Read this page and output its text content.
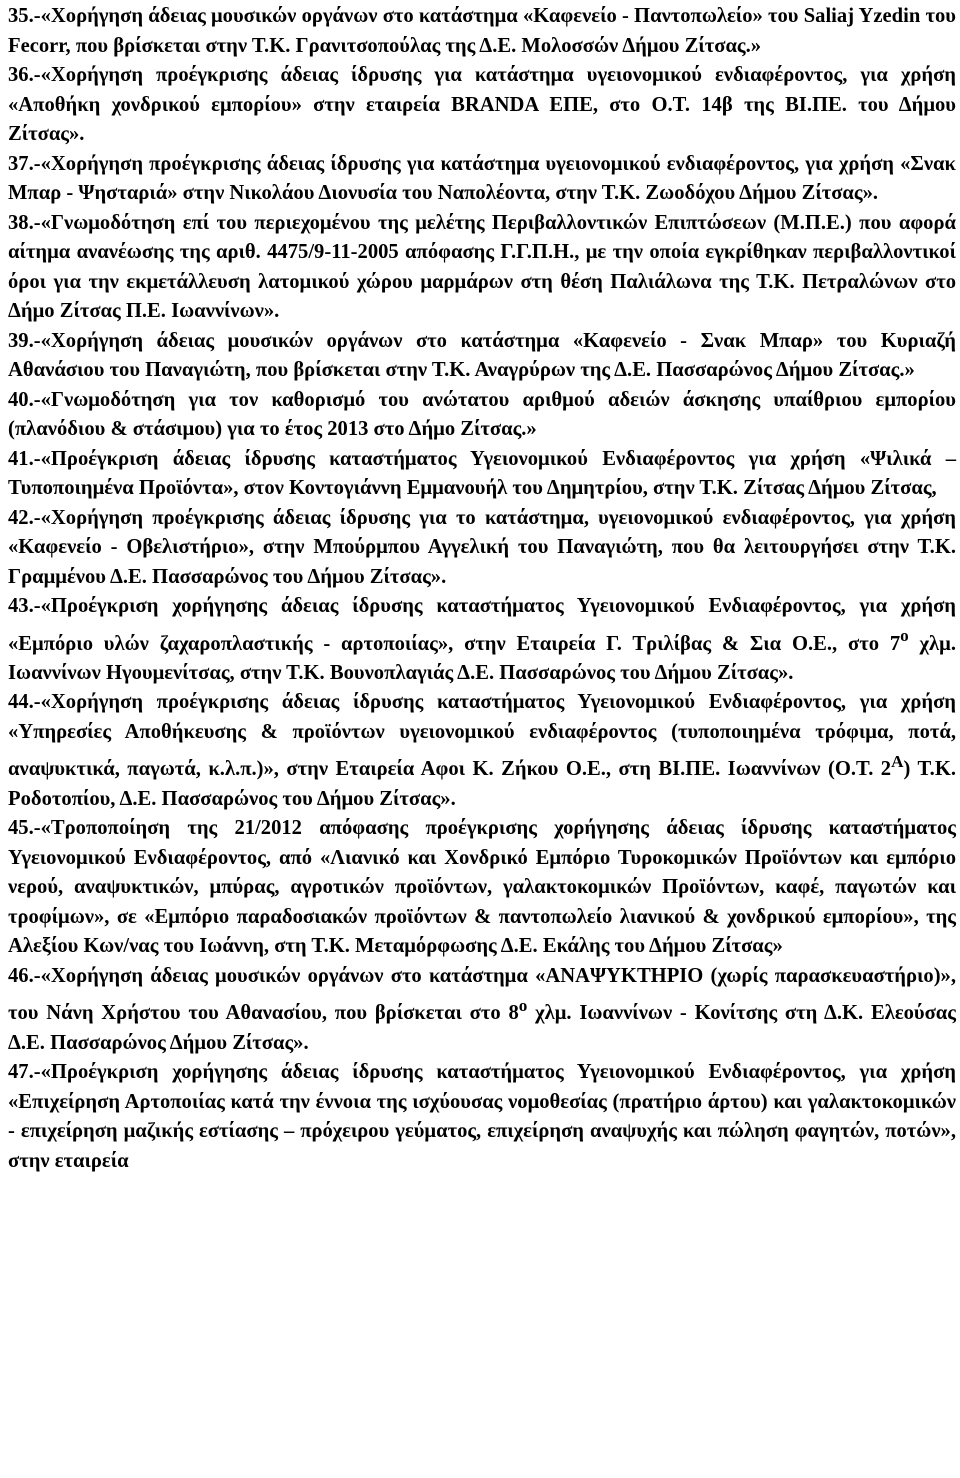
35.-«Χορήγηση άδειας μουσικών οργάνων στο κατάστημα «Καφενείο - Παντοπωλείο» του Saliaj Yzedin του Fecorr, που βρίσκεται στην Τ.Κ. Γρανιτσοπούλας της Δ.Ε. Μολοσσών Δήμου Ζίτσας.»

36.-«Χορήγηση προέγκρισης άδειας ίδρυσης για κατάστημα υγειονομικού ενδιαφέροντος, για χρήση «Αποθήκη χονδρικού εμπορίου» στην εταιρεία BRANDA ΕΠΕ, στο Ο.Τ. 14β της ΒΙ.ΠΕ. του Δήμου Ζίτσας».

37.-«Χορήγηση προέγκρισης άδειας ίδρυσης για κατάστημα υγειονομικού ενδιαφέροντος, για χρήση «Σνακ Μπαρ - Ψησταριά» στην Νικολάου Διονυσία του Ναπολέοντα, στην Τ.Κ. Ζωοδόχου Δήμου Ζίτσας».

38.-«Γνωμοδότηση επί του περιεχομένου της μελέτης Περιβαλλοντικών Επιπτώσεων (Μ.Π.Ε.) που αφορά αίτημα ανανέωσης της αριθ. 4475/9-11-2005 απόφασης Γ.Γ.Π.Η., με την οποία εγκρίθηκαν περιβαλλοντικοί όροι για την εκμετάλλευση λατομικού χώρου μαρμάρων στη θέση Παλιάλωνα της Τ.Κ. Πετραλώνων στο Δήμο Ζίτσας Π.Ε. Ιωαννίνων».

39.-«Χορήγηση άδειας μουσικών οργάνων στο κατάστημα «Καφενείο - Σνακ Μπαρ» του Κυριαζή Αθανάσιου του Παναγιώτη, που βρίσκεται στην Τ.Κ. Αναγρύρων της Δ.Ε. Πασσαρώνος Δήμου Ζίτσας.»

40.-«Γνωμοδότηση για τον καθορισμό του ανώτατου αριθμού αδειών άσκησης υπαίθριου εμπορίου (πλανόδιου & στάσιμου) για το έτος 2013 στο Δήμο Ζίτσας.»

41.-«Προέγκριση άδειας ίδρυσης καταστήματος Υγειονομικού Ενδιαφέροντος για χρήση «Ψιλικά – Τυποποιημένα Προϊόντα», στον Κοντογιάννη Εμμανουήλ του Δημητρίου, στην Τ.Κ. Ζίτσας Δήμου Ζίτσας,

42.-«Χορήγηση προέγκρισης άδειας ίδρυσης για το κατάστημα, υγειονομικού ενδιαφέροντος, για χρήση «Καφενείο - Οβελιστήριο», στην Μπούρμπου Αγγελική του Παναγιώτη, που θα λειτουργήσει στην Τ.Κ. Γραμμένου Δ.Ε. Πασσαρώνος του Δήμου Ζίτσας».

43.-«Προέγκριση χορήγησης άδειας ίδρυσης καταστήματος Υγειονομικού Ενδιαφέροντος, για χρήση «Εμπόριο υλών ζαχαροπλαστικής - αρτοποιίας», στην Εταιρεία Γ. Τριλίβας & Σια Ο.Ε., στο $7^o$ χλμ. Ιωαννίνων Ηγουμενίτσας, στην Τ.Κ. Βουνοπλαγιάς Δ.Ε. Πασσαρώνος του Δήμου Ζίτσας».

44.-«Χορήγηση προέγκρισης άδειας ίδρυσης καταστήματος Υγειονομικού Ενδιαφέροντος, για χρήση «Υπηρεσίες Αποθήκευσης & προϊόντων υγειονομικού ενδιαφέροντος (τυποποιημένα τρόφιμα, ποτά, αναψυκτικά, παγωτά, κ.λ.π.)», στην Εταιρεία Αφοι Κ. Ζήκου Ο.Ε., στη ΒΙ.ΠΕ. Ιωαννίνων (Ο.Τ. $2^A$) Τ.Κ. Ροδοτοπίου, Δ.Ε. Πασσαρώνος του Δήμου Ζίτσας».

45.-«Τροποποίηση της 21/2012 απόφασης προέγκρισης χορήγησης άδειας ίδρυσης καταστήματος Υγειονομικού Ενδιαφέροντος, από «Λιανικό και Χονδρικό Εμπόριο Τυροκομικών Προϊόντων και εμπόριο νερού, αναψυκτικών, μπύρας, αγροτικών προϊόντων, γαλακτοκομικών Προϊόντων, καφέ, παγωτών και τροφίμων», σε «Εμπόριο παραδοσιακών προϊόντων & παντοπωλείο λιανικού & χονδρικού εμπορίου», της Αλεξίου Κων/νας του Ιωάννη, στη Τ.Κ. Μεταμόρφωσης Δ.Ε. Εκάλης του Δήμου Ζίτσας»

46.-«Χορήγηση άδειας μουσικών οργάνων στο κατάστημα «ΑΝΑΨΥΚΤΗΡΙΟ (χωρίς παρασκευαστήριο)», του Νάνη Χρήστου του Αθανασίου, που βρίσκεται στο $8^o$ χλμ. Ιωαννίνων - Κονίτσης στη Δ.Κ. Ελεούσας Δ.Ε. Πασσαρώνος Δήμου Ζίτσας».

47.-«Προέγκριση χορήγησης άδειας ίδρυσης καταστήματος Υγειονομικού Ενδιαφέροντος, για χρήση «Επιχείρηση Αρτοποιίας κατά την έννοια της ισχύουσας νομοθεσίας (πρατήριο άρτου) και γαλακτοκομικών - επιχείρηση μαζικής εστίασης – πρόχειρου γεύματος, επιχείρηση αναψυχής και πώληση φαγητών, ποτών», στην εταιρεία
